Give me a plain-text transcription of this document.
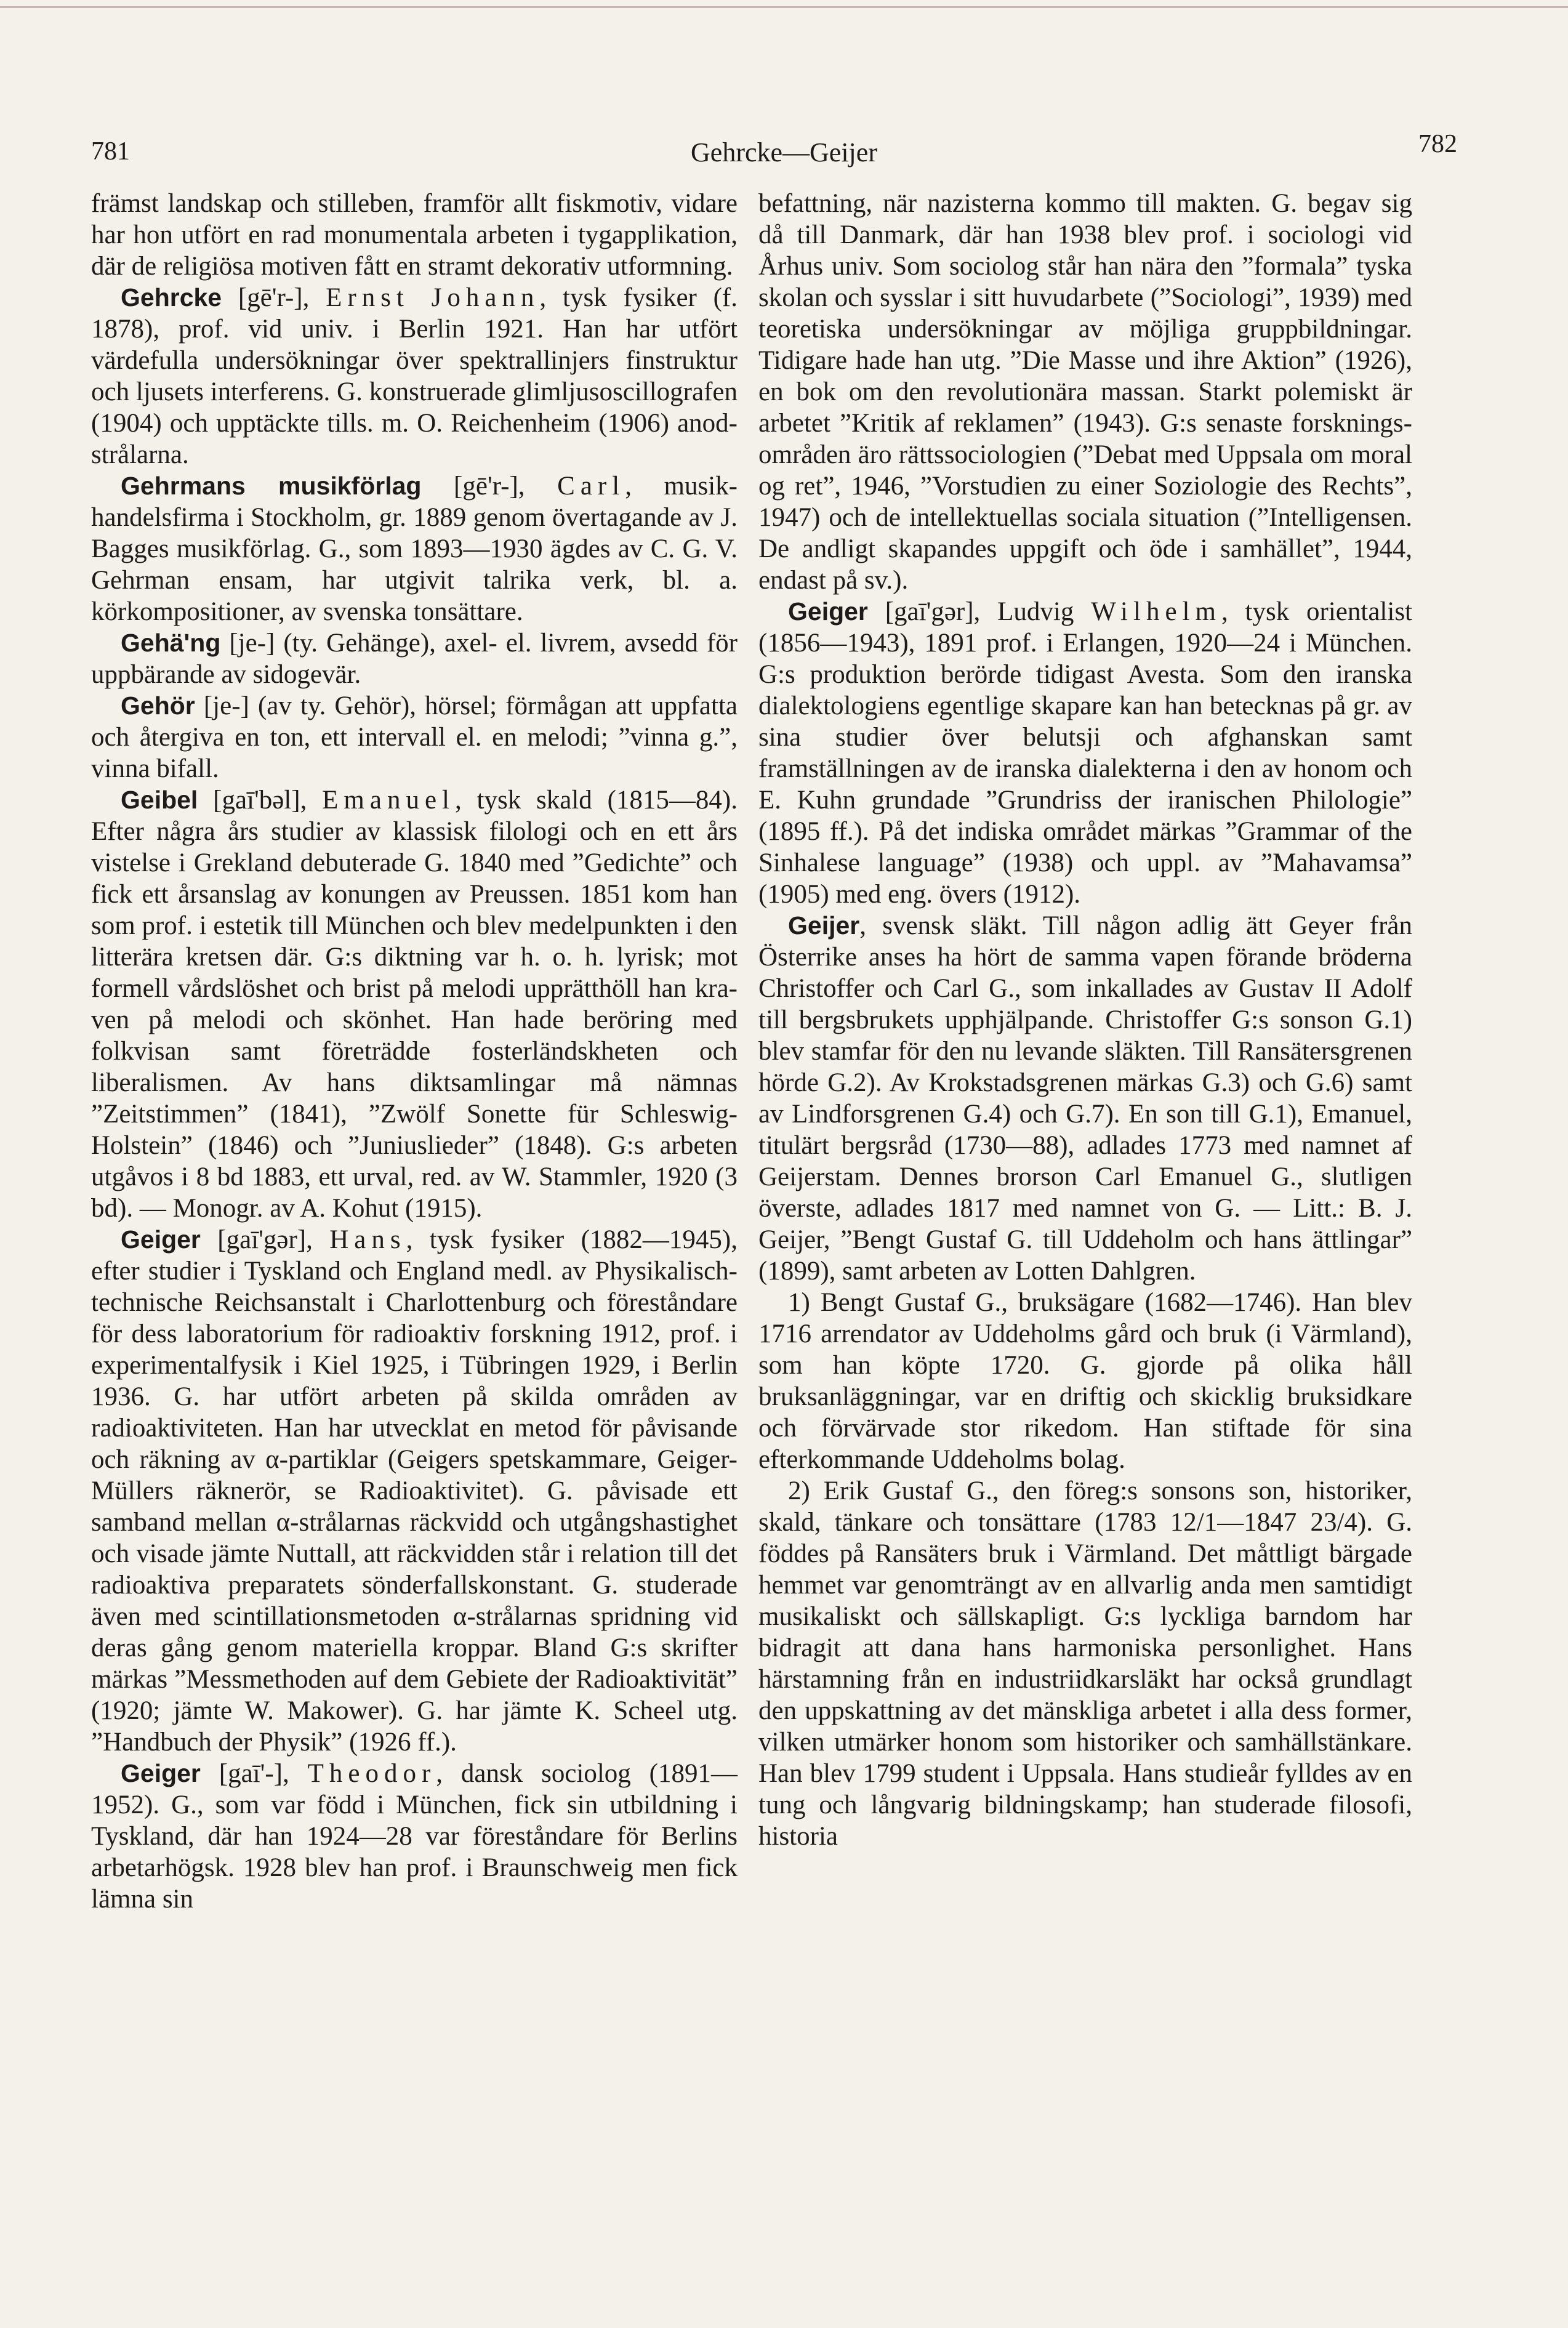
781	Gehrcke—Geijer	782

främst landskap och stilleben, framför allt fiskmotiv, vidare har hon utfört en rad monumentala arbeten i tygapplikation, där de religiösa motiven fått en stramt dekorativ utformning.

Gehrcke [gē'r-], Ernst Johann, tysk fysiker (f. 1878), prof. vid univ. i Berlin 1921. Han har utfört värdefulla undersökningar över spektrallinjers finstruktur och ljusets interferens. G. konstruerade glimljusoscillografen (1904) och upptäckte tills. m. O. Reichenheim (1906) anodstrålarna.

Gehrmans musikförlag [gē'r-], Carl, musikhandelsfirma i Stockholm, gr. 1889 genom övertagande av J. Bagges musikförlag. G., som 1893—1930 ägdes av C. G. V. Gehrman ensam, har utgivit talrika verk, bl. a. körkompositioner, av svenska tonsättare.

Gehä'ng [je-] (ty. Gehänge), axel- el. livrem, avsedd för uppbärande av sidogevär.

Gehör [je-] (av ty. Gehör), hörsel; förmågan att uppfatta och återgiva en ton, ett intervall el. en melodi; ”vinna g.”, vinna bifall.

Geibel [gaī'bəl], Emanuel, tysk skald (1815—84). Efter några års studier av klassisk filologi och en ett års vistelse i Grekland debuterade G. 1840 med ”Gedichte” och fick ett årsanslag av konungen av Preussen. 1851 kom han som prof. i estetik till München och blev medelpunkten i den litterära kretsen där. G:s diktning var h. o. h. lyrisk; mot formell vårdslöshet och brist på melodi upprätthöll han kraven på melodi och skönhet. Han hade beröring med folkvisan samt företrädde fosterländskheten och liberalismen. Av hans diktsamlingar må nämnas ”Zeitstimmen” (1841), ”Zwölf Sonette für Schleswig-Holstein” (1846) och ”Juniuslieder” (1848). G:s arbeten utgåvos i 8 bd 1883, ett urval, red. av W. Stammler, 1920 (3 bd). — Monogr. av A. Kohut (1915).

Geiger [gaī'gər], Hans, tysk fysiker (1882—1945), efter studier i Tyskland och England medl. av Physikalisch-technische Reichsanstalt i Charlottenburg och föreståndare för dess laboratorium för radioaktiv forskning 1912, prof. i experimentalfysik i Kiel 1925, i Tübringen 1929, i Berlin 1936. G. har utfört arbeten på skilda områden av radioaktiviteten. Han har utvecklat en metod för påvisande och räkning av α-partiklar (Geigers spetskammare, Geiger-Müllers räknerör, se Radioaktivitet). G. påvisade ett samband mellan α-strålarnas räckvidd och utgångshastighet och visade jämte Nuttall, att räckvidden står i relation till det radioaktiva preparatets sönderfallskonstant. G. studerade även med scintillationsmetoden α-strålarnas spridning vid deras gång genom materiella kroppar. Bland G:s skrifter märkas ”Messmethoden auf dem Gebiete der Radioaktivität” (1920; jämte W. Makower). G. har jämte K. Scheel utg. ”Handbuch der Physik” (1926 ff.).

Geiger [gaī'-], Theodor, dansk sociolog (1891—1952). G., som var född i München, fick sin utbildning i Tyskland, där han 1924—28 var föreståndare för Berlins arbetarhögsk. 1928 blev han prof. i Braunschweig men fick lämna sin

befattning, när nazisterna kommo till makten. G. begav sig då till Danmark, där han 1938 blev prof. i sociologi vid Århus univ. Som sociolog står han nära den ”formala” tyska skolan och sysslar i sitt huvudarbete (”Sociologi”, 1939) med teoretiska undersökningar av möjliga gruppbildningar. Tidigare hade han utg. ”Die Masse und ihre Aktion” (1926), en bok om den revolutionära massan. Starkt polemiskt är arbetet ”Kritik af reklamen” (1943). G:s senaste forskningsområden äro rättssociologien (”Debat med Uppsala om moral og ret”, 1946, ”Vorstudien zu einer Soziologie des Rechts”, 1947) och de intellektuellas sociala situation (”Intelligensen. De andligt skapandes uppgift och öde i samhället”, 1944, endast på sv.).

Geiger [gaī'gər], Ludvig Wilhelm, tysk orientalist (1856—1943), 1891 prof. i Erlangen, 1920—24 i München. G:s produktion berörde tidigast Avesta. Som den iranska dialektologiens egentlige skapare kan han betecknas på gr. av sina studier över belutsji och afghanskan samt framställningen av de iranska dialekterna i den av honom och E. Kuhn grundade ”Grundriss der iranischen Philologie” (1895 ff.). På det indiska området märkas ”Grammar of the Sinhalese language” (1938) och uppl. av ”Mahavamsa” (1905) med eng. övers (1912).

Geijer, svensk släkt. Till någon adlig ätt Geyer från Österrike anses ha hört de samma vapen förande bröderna Christoffer och Carl G., som inkallades av Gustav II Adolf till bergsbrukets upphjälpande. Christoffer G:s sonson G.1) blev stamfar för den nu levande släkten. Till Ransätersgrenen hörde G.2). Av Krokstadsgrenen märkas G.3) och G.6) samt av Lindforsgrenen G.4) och G.7). En son till G.1), Emanuel, titulärt bergsråd (1730—88), adlades 1773 med namnet af Geijerstam. Dennes brorson Carl Emanuel G., slutligen överste, adlades 1817 med namnet von G. — Litt.: B. J. Geijer, ”Bengt Gustaf G. till Uddeholm och hans ättlingar” (1899), samt arbeten av Lotten Dahlgren.

1) Bengt Gustaf G., bruksägare (1682—1746). Han blev 1716 arrendator av Uddeholms gård och bruk (i Värmland), som han köpte 1720. G. gjorde på olika håll bruksanläggningar, var en driftig och skicklig bruksidkare och förvärvade stor rikedom. Han stiftade för sina efterkommande Uddeholms bolag.

2) Erik Gustaf G., den föreg:s sonsons son, historiker, skald, tänkare och tonsättare (1783 12/1—1847 23/4). G. föddes på Ransäters bruk i Värmland. Det måttligt bärgade hemmet var genomträngt av en allvarlig anda men samtidigt musikaliskt och sällskapligt. G:s lyckliga barndom har bidragit att dana hans harmoniska personlighet. Hans härstamning från en industriidkarsläkt har också grundlagt den uppskattning av det mänskliga arbetet i alla dess former, vilken utmärker honom som historiker och samhällstänkare. Han blev 1799 student i Uppsala. Hans studieår fylldes av en tung och långvarig bildningskamp; han studerade filosofi, historia
